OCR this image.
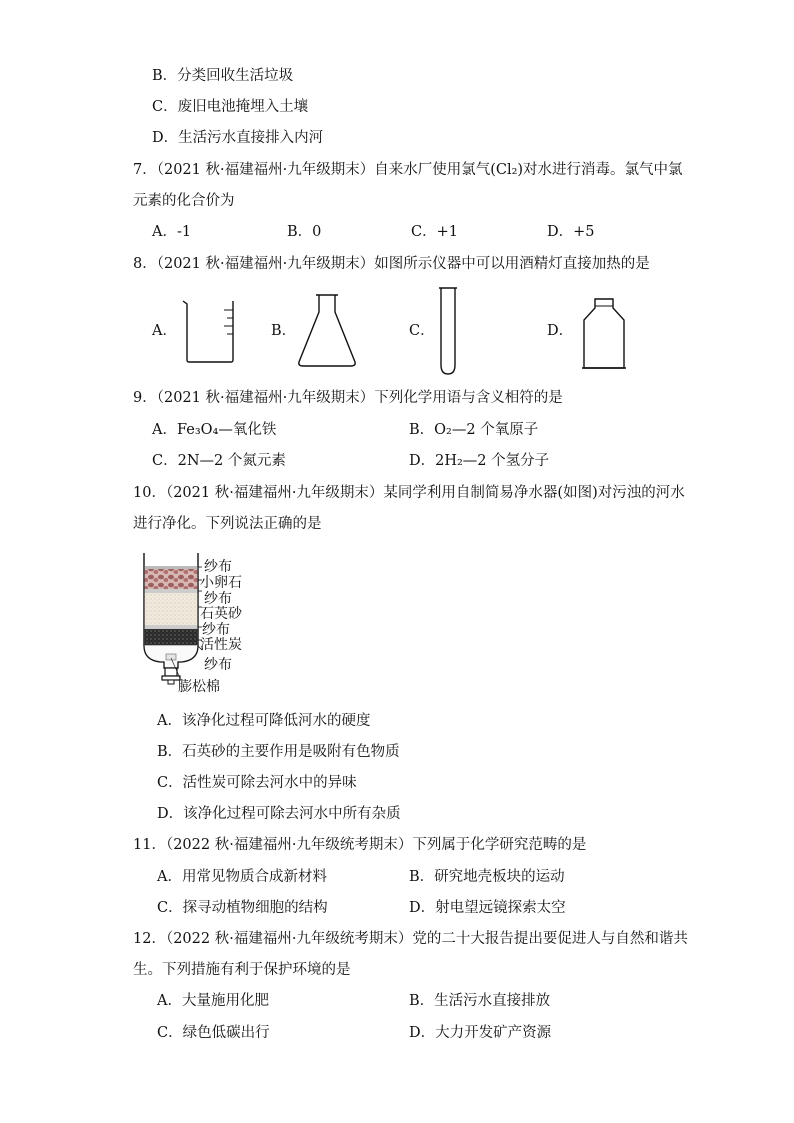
B．分类回收生活垃圾
C．废旧电池掩埋入土壤
D．生活污水直接排入内河
7．（2021 秋·福建福州·九年级期末）自来水厂使用氯气(Cl₂)对水进行消毒。氯气中氯
元素的化合价为
A．-1	B．0	C．+1	D．+5
8．（2021 秋·福建福州·九年级期末）如图所示仪器中可以用酒精灯直接加热的是
A．	B．	C．	D．
9．（2021 秋·福建福州·九年级期末）下列化学用语与含义相符的是
A．Fe₃O₄—氧化铁	B．O₂—2 个氧原子
C．2N—2 个氮元素	D．2H₂—2 个氢分子
10．（2021 秋·福建福州·九年级期末）某同学利用自制简易净水器(如图)对污浊的河水
进行净化。下列说法正确的是
纱布
小卵石
纱布
石英砂
纱布
活性炭
纱布
膨松棉
A．该净化过程可降低河水的硬度
B．石英砂的主要作用是吸附有色物质
C．活性炭可除去河水中的异味
D．该净化过程可除去河水中所有杂质
11．（2022 秋·福建福州·九年级统考期末）下列属于化学研究范畴的是
A．用常见物质合成新材料	B．研究地壳板块的运动
C．探寻动植物细胞的结构	D．射电望远镜探索太空
12．（2022 秋·福建福州·九年级统考期末）党的二十大报告提出要促进人与自然和谐共
生。下列措施有利于保护环境的是
A．大量施用化肥	B．生活污水直接排放
C．绿色低碳出行	D．大力开发矿产资源
